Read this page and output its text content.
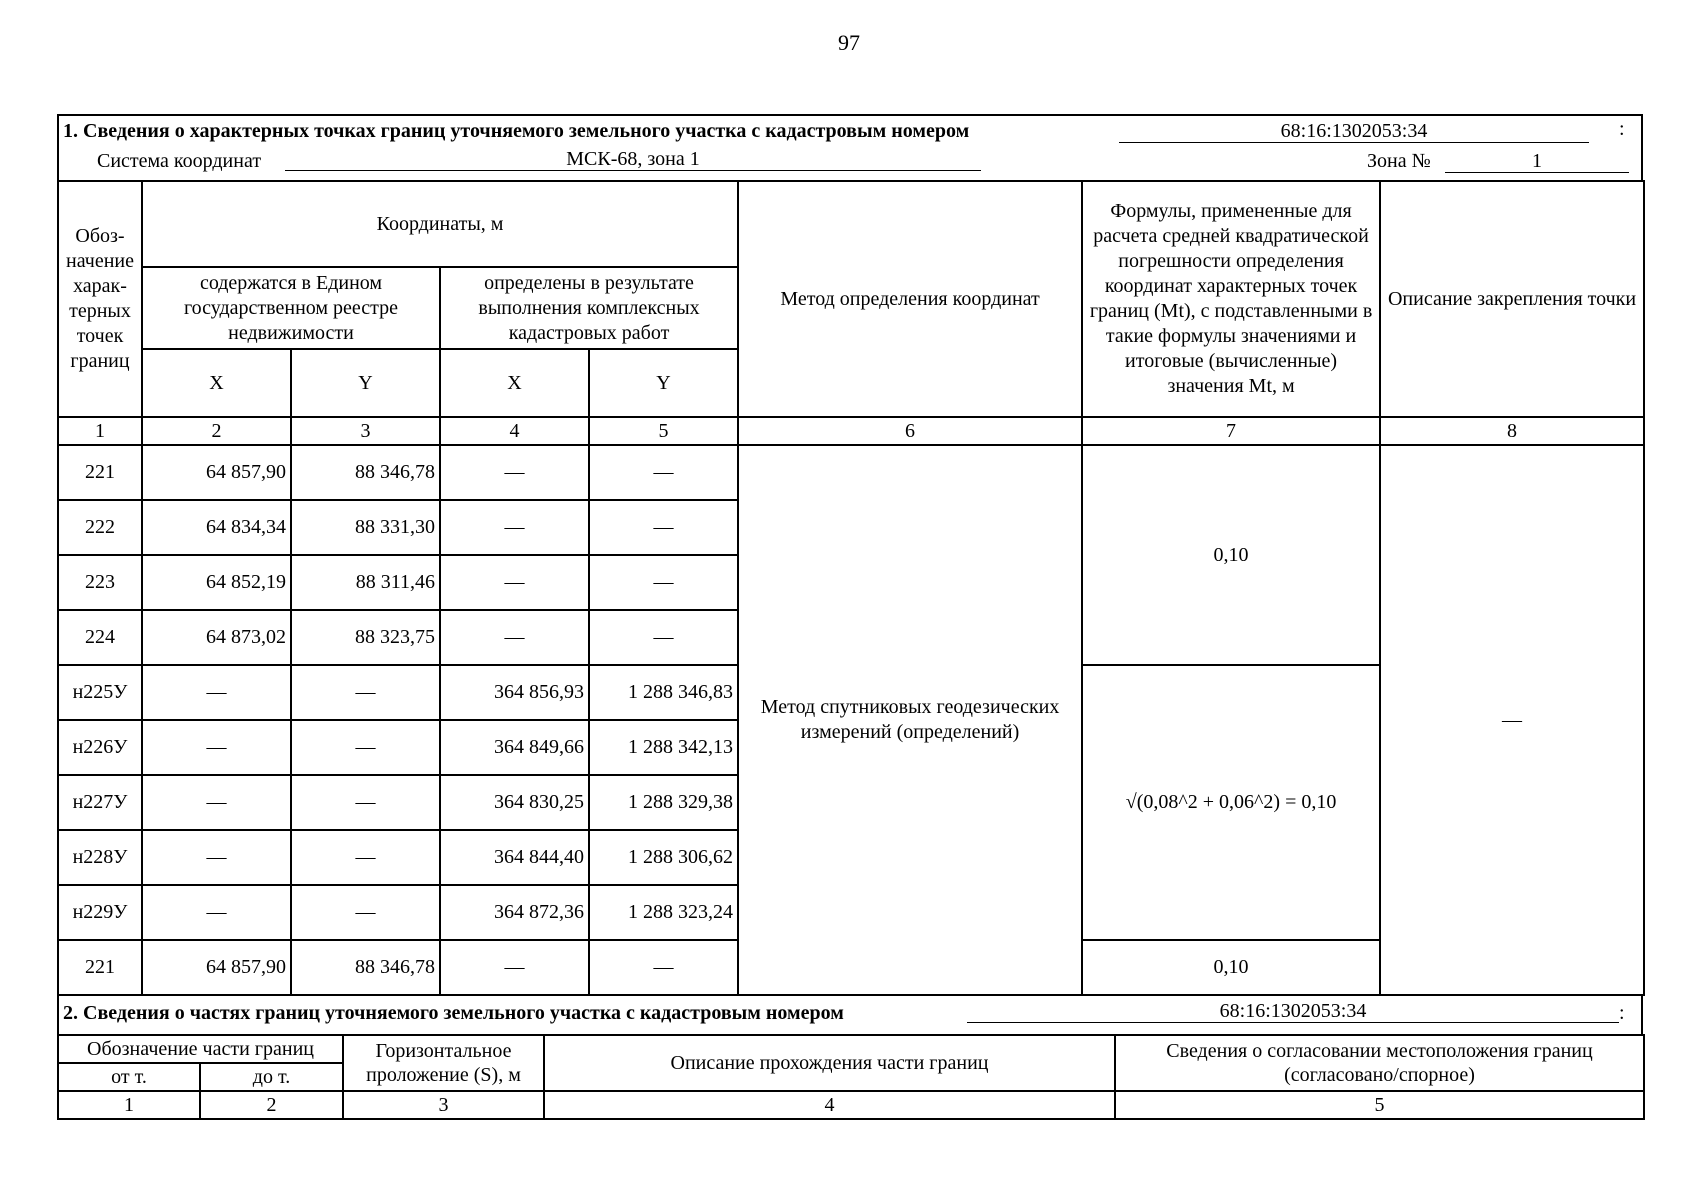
97
1. Сведения о характерных точках границ уточняемого земельного участка с кадастровым номером	68:16:1302053:34	:
Система координат	МСК-68, зона 1	Зона №	1
Обоз-начение харак-терных точек границ	Координаты, м				Метод определения координат	Формулы, примененные для расчета средней квадратической погрешности определения координат характерных точек границ (Mt), с подставленными в такие формулы значениями и итоговые (вычисленные) значения Mt, м	Описание закрепления точки
	содержатся в Едином государственном реестре недвижимости		определены в результате выполнения комплексных кадастровых работ				
	X	Y	X	Y			
1	2	3	4	5	6	7	8
221	64 857,90	88 346,78	—	—	Метод спутниковых геодезических измерений (определений)	0,10	—
222	64 834,34	88 331,30	—	—			
223	64 852,19	88 311,46	—	—			
224	64 873,02	88 323,75	—	—			
н225У	—	—	364 856,93	1 288 346,83		√(0,08^2 + 0,06^2) = 0,10	
н226У	—	—	364 849,66	1 288 342,13			
н227У	—	—	364 830,25	1 288 329,38			
н228У	—	—	364 844,40	1 288 306,62			
н229У	—	—	364 872,36	1 288 323,24			
221	64 857,90	88 346,78	—	—		0,10	
2. Сведения о частях границ уточняемого земельного участка с кадастровым номером	68:16:1302053:34	:
Обозначение части границ		Горизонтальное проложение (S), м	Описание прохождения части границ	Сведения о согласовании местоположения границ (согласовано/спорное)
от т.	до т.			
1	2	3	4	5
